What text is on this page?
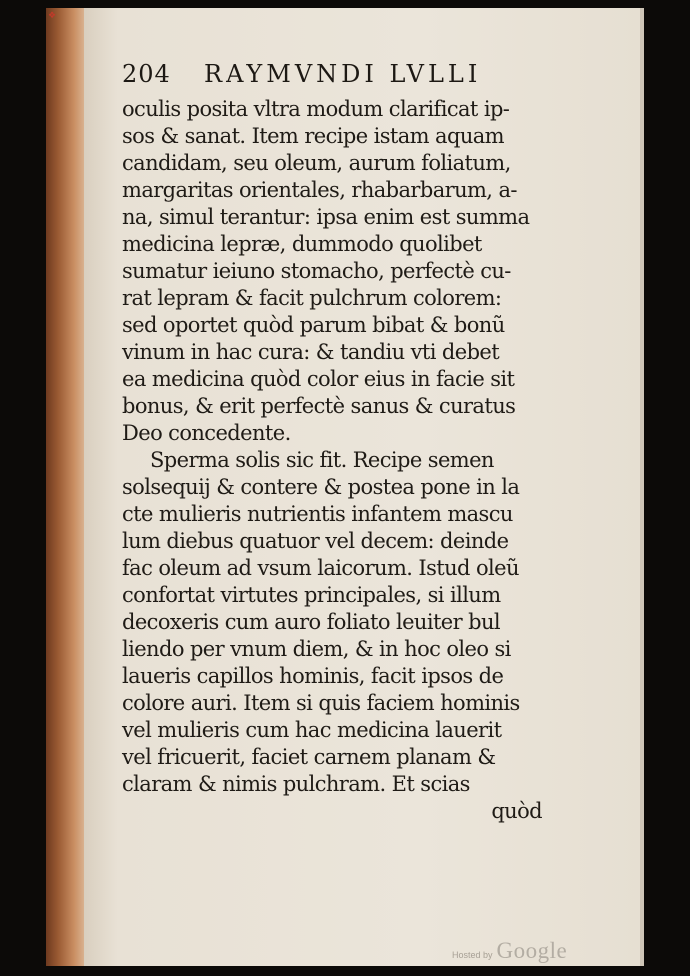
❖
204 RAYMVNDI LVLLI
oculis posita vltra modum clarificat ip-
sos & sanat. Item recipe istam aquam
candidam, seu oleum, aurum foliatum,
margaritas orientales, rhabarbarum, a-
na, simul terantur: ipsa enim est summa
medicina lepræ, dummodo quolibet
sumatur ieiuno stomacho, perfectè cu-
rat lepram & facit pulchrum colorem:
sed oportet quòd parum bibat & bonũ
vinum in hac cura: & tandiu vti debet
ea medicina quòd color eius in facie sit
bonus, & erit perfectè sanus & curatus
Deo concedente.
Sperma solis sic fit. Recipe semen
solsequij & contere & postea pone in la
cte mulieris nutrientis infantem mascu
lum diebus quatuor vel decem: deinde
fac oleum ad vsum laicorum. Istud oleũ
confortat virtutes principales, si illum
decoxeris cum auro foliato leuiter bul
liendo per vnum diem, & in hoc oleo si
laueris capillos hominis, facit ipsos de
colore auri. Item si quis faciem hominis
vel mulieris cum hac medicina lauerit
vel fricuerit, faciet carnem planam &
claram & nimis pulchram. Et scias
quòd
Hosted by Google
